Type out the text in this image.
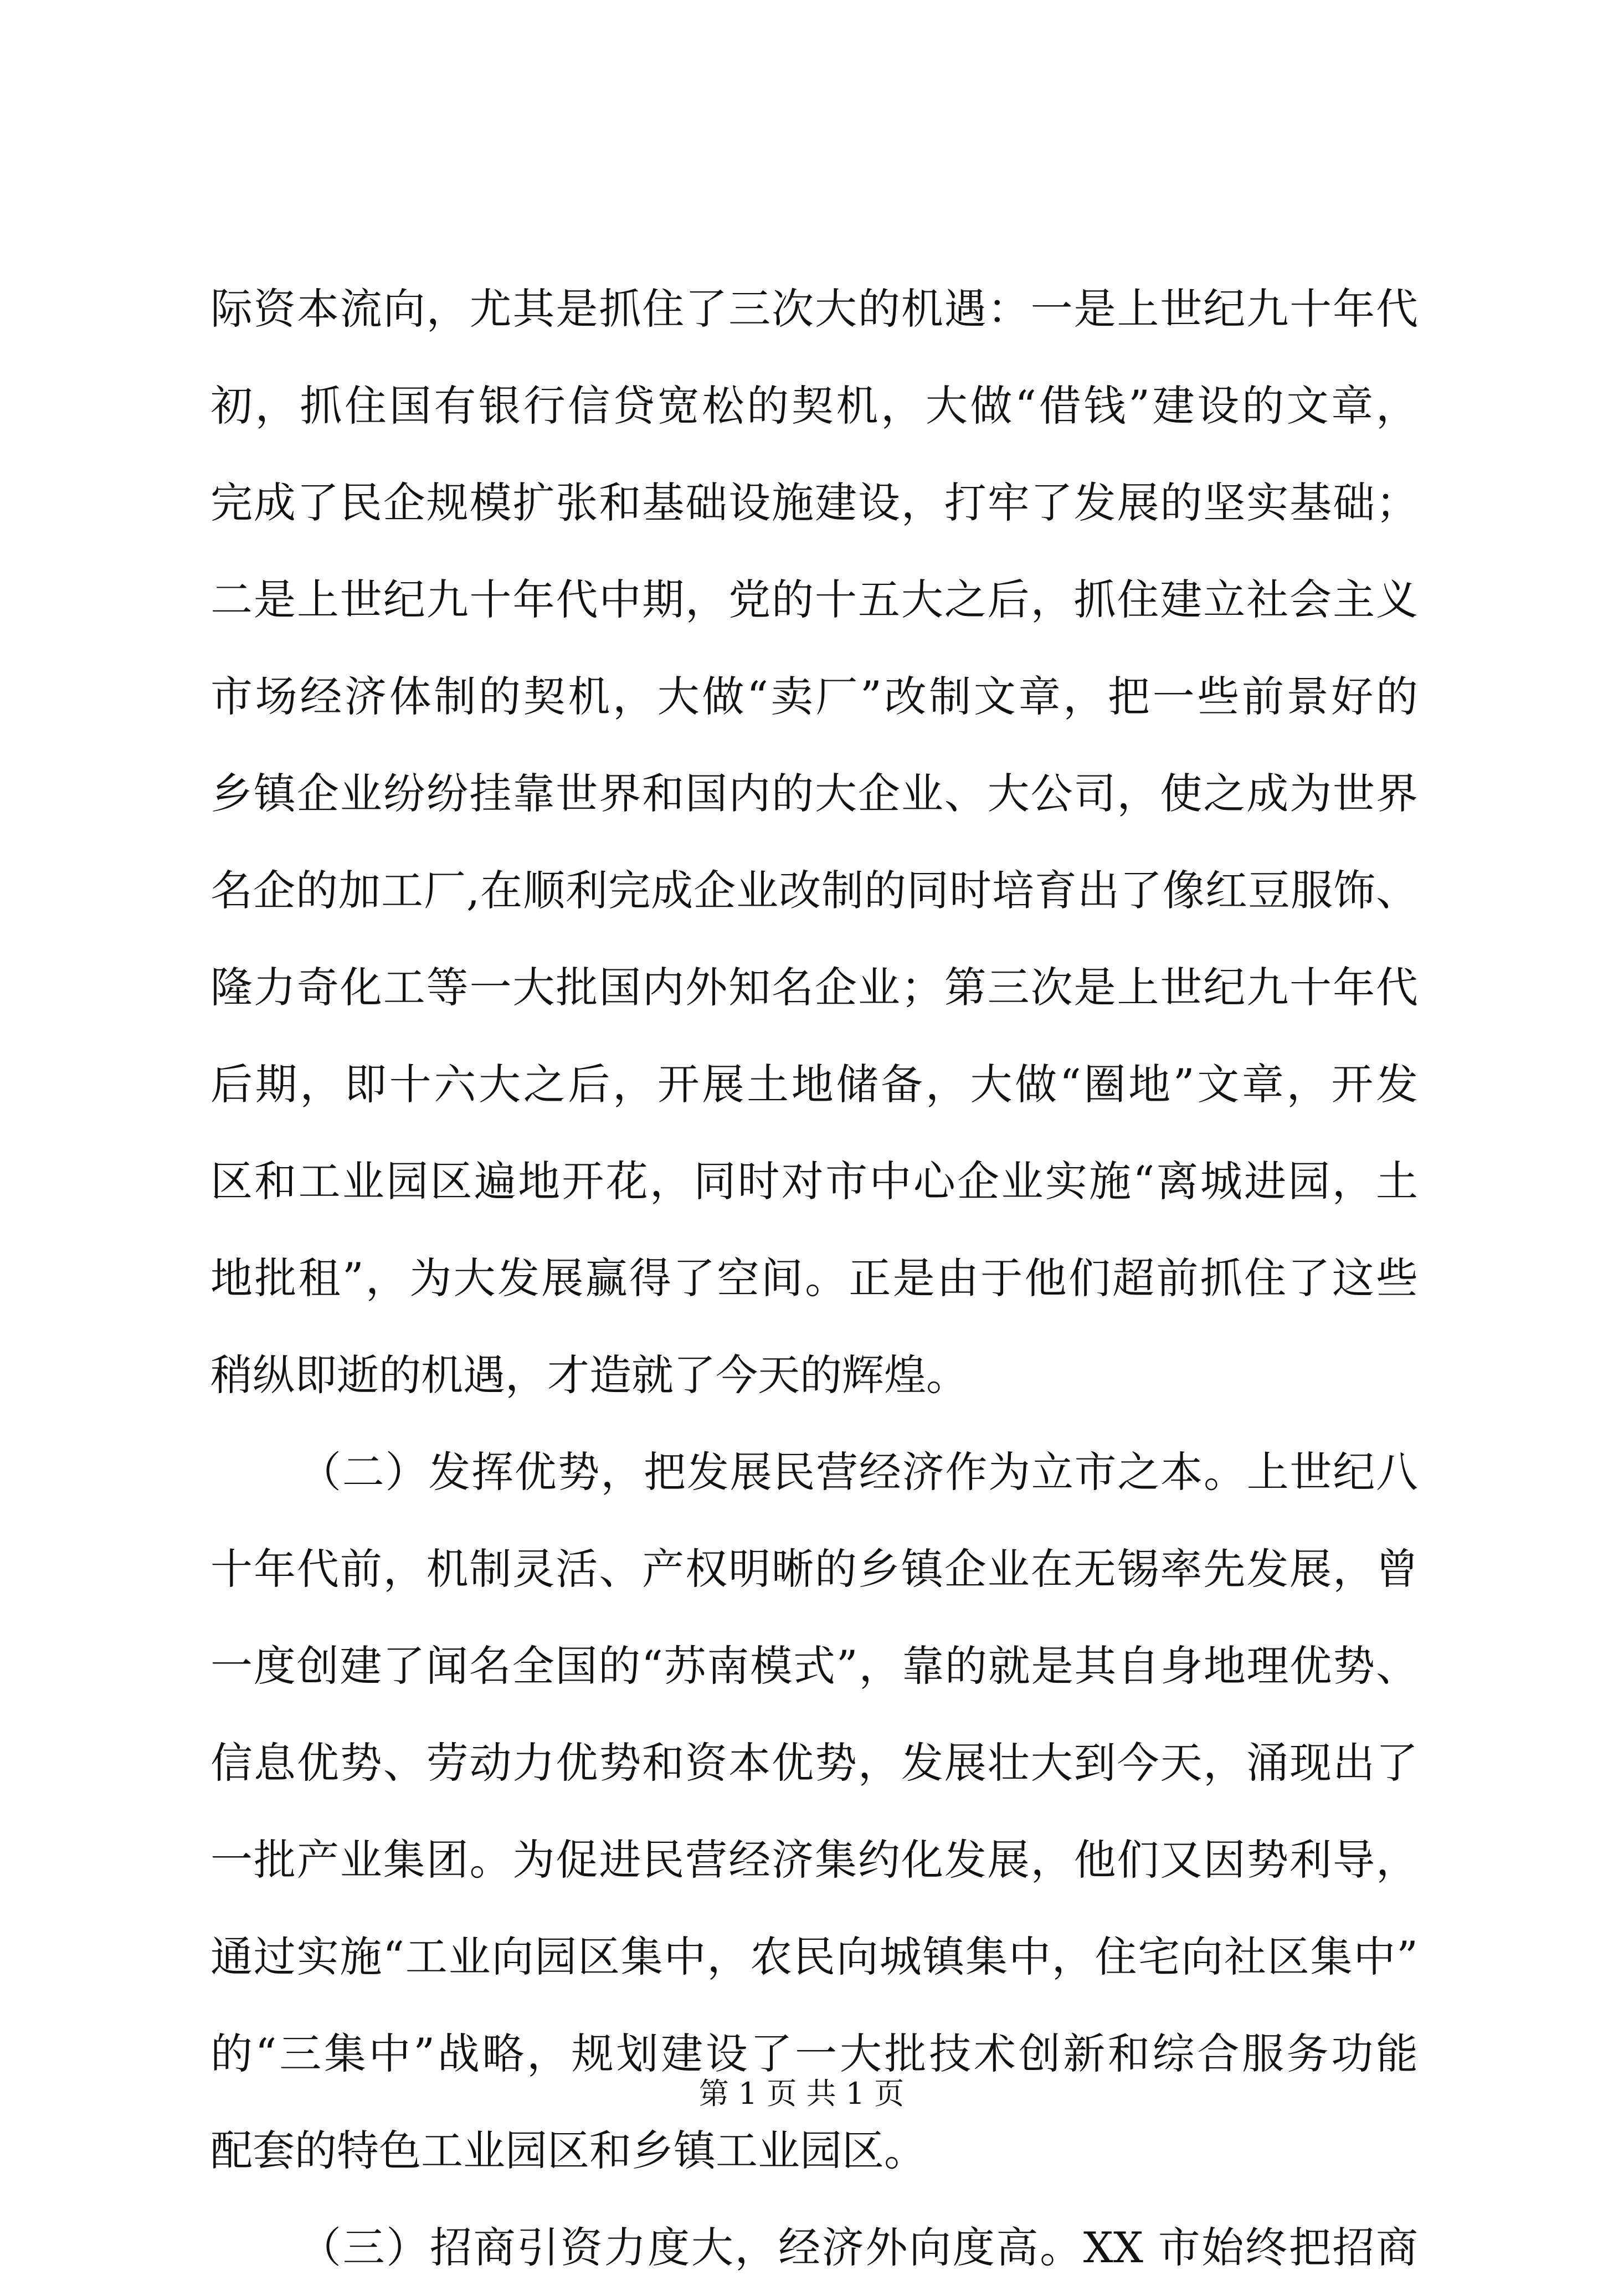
际资本流向，尤其是抓住了三次大的机遇：一是上世纪九十年代
初，抓住国有银行信贷宽松的契机，大做“借钱”建设的文章，
完成了民企规模扩张和基础设施建设，打牢了发展的坚实基础；
二是上世纪九十年代中期，党的十五大之后，抓住建立社会主义
市场经济体制的契机，大做“卖厂”改制文章，把一些前景好的
乡镇企业纷纷挂靠世界和国内的大企业、大公司，使之成为世界
名企的加工厂,在顺利完成企业改制的同时培育出了像红豆服饰、
隆力奇化工等一大批国内外知名企业；第三次是上世纪九十年代
后期，即十六大之后，开展土地储备，大做“圈地”文章，开发
区和工业园区遍地开花，同时对市中心企业实施“离城进园，土
地批租”，为大发展赢得了空间。正是由于他们超前抓住了这些
稍纵即逝的机遇，才造就了今天的辉煌。
（二）发挥优势，把发展民营经济作为立市之本。上世纪八
十年代前，机制灵活、产权明晰的乡镇企业在无锡率先发展，曾
一度创建了闻名全国的“苏南模式”，靠的就是其自身地理优势、
信息优势、劳动力优势和资本优势，发展壮大到今天，涌现出了
一批产业集团。为促进民营经济集约化发展，他们又因势利导，
通过实施“工业向园区集中，农民向城镇集中，住宅向社区集中”
的“三集中”战略，规划建设了一大批技术创新和综合服务功能
配套的特色工业园区和乡镇工业园区。
（三）招商引资力度大，经济外向度高。XX 市始终把招商
第 1 页 共 1 页
